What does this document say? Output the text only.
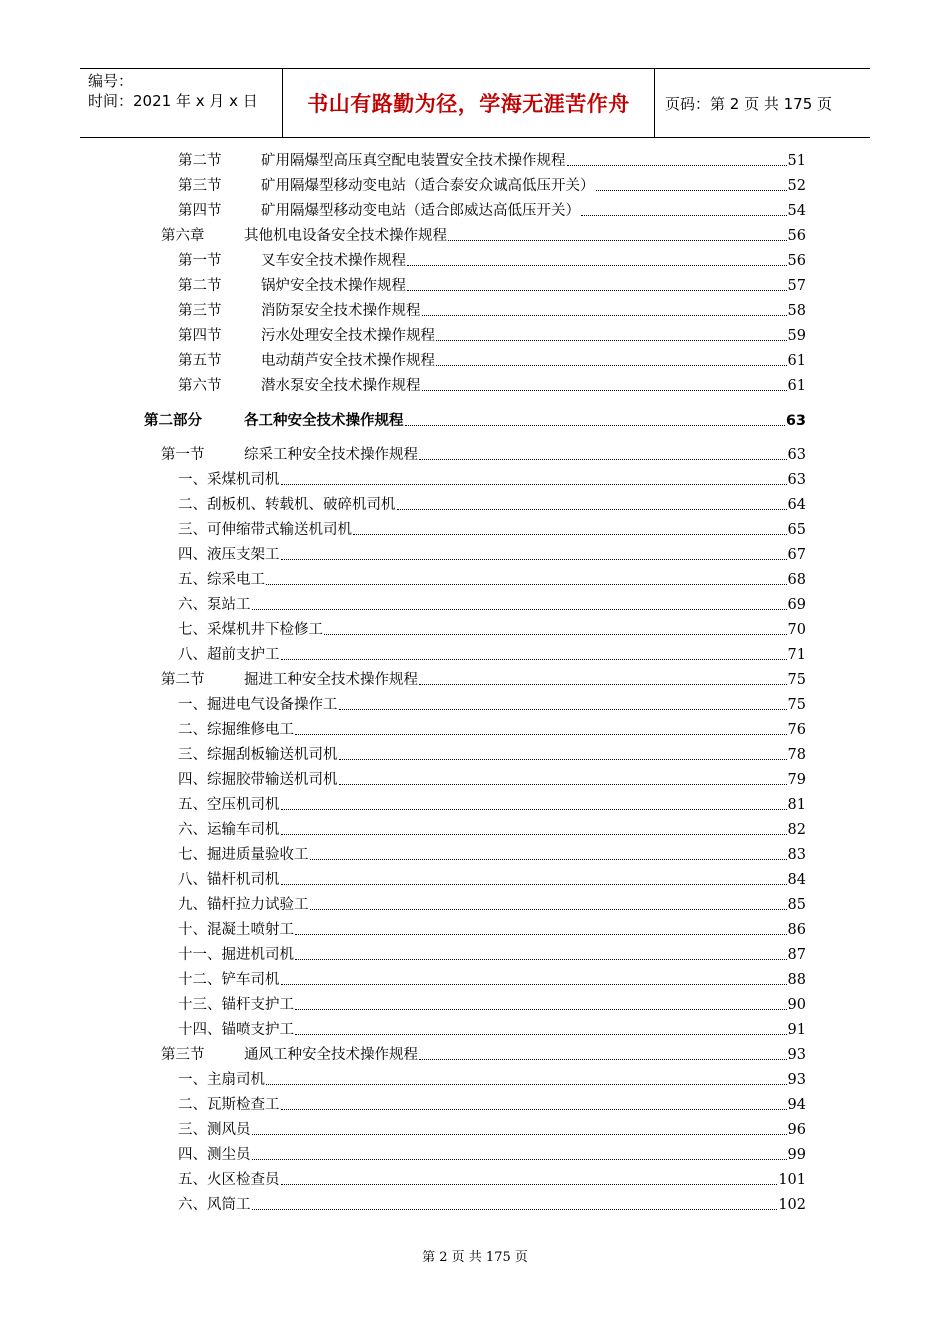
编号：
时间：2021 年 x 月 x 日	书山有路勤为径，学海无涯苦作舟	页码：第 2 页 共 175 页
第二节	矿用隔爆型高压真空配电装置安全技术操作规程	51
第三节	矿用隔爆型移动变电站（适合泰安众诚高低压开关）	52
第四节	矿用隔爆型移动变电站（适合郎威达高低压开关）	54
第六章	其他机电设备安全技术操作规程	56
第一节	叉车安全技术操作规程	56
第二节	锅炉安全技术操作规程	57
第三节	消防泵安全技术操作规程	58
第四节	污水处理安全技术操作规程	59
第五节	电动葫芦安全技术操作规程	61
第六节	潜水泵安全技术操作规程	61
第二部分	各工种安全技术操作规程	63
第一节	综采工种安全技术操作规程	63
一、采煤机司机	63
二、刮板机、转载机、破碎机司机	64
三、可伸缩带式输送机司机	65
四、液压支架工	67
五、综采电工	68
六、泵站工	69
七、采煤机井下检修工	70
八、超前支护工	71
第二节	掘进工种安全技术操作规程	75
一、掘进电气设备操作工	75
二、综掘维修电工	76
三、综掘刮板输送机司机	78
四、综掘胶带输送机司机	79
五、空压机司机	81
六、运输车司机	82
七、掘进质量验收工	83
八、锚杆机司机	84
九、锚杆拉力试验工	85
十、混凝土喷射工	86
十一、掘进机司机	87
十二、铲车司机	88
十三、锚杆支护工	90
十四、锚喷支护工	91
第三节	通风工种安全技术操作规程	93
一、主扇司机	93
二、瓦斯检查工	94
三、测风员	96
四、测尘员	99
五、火区检查员	101
六、风筒工	102
第 2 页 共 175 页
